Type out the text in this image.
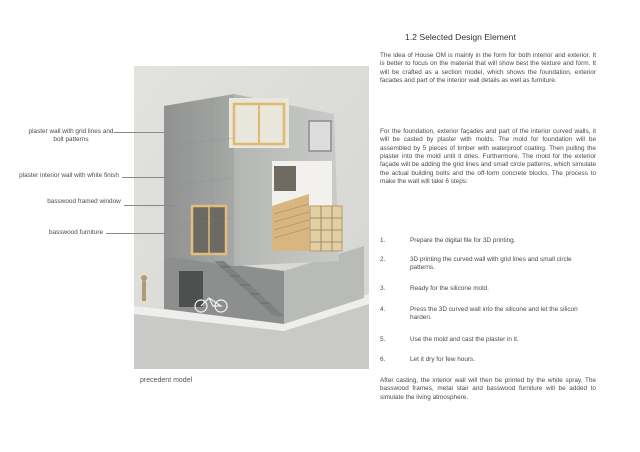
precedent model
plaster wall with grid lines and bolt patterns
plaster interior wall with white finish
basswood framed window
basswood furniture
1.2 Selected Design Element

The idea of House OM is mainly in the form for both interior and exterior. It is better to focus on the material that will show best the texture and form. It will be crafted as a section model, which shows the foundation, exterior facades and part of the interior wall details as well as furniture.

For the foundation, exterior façades and part of the interior curved walls, it will be casted by plaster with molds. The mold for foundation will be assembled by 5 pieces of timber with waterproof coating. Then pulling the plaster into the mold until it dries. Furthermore, The mold for the exterior façade will be adding the grid lines and small circle patterns, which simulate the actual building bolts and the off-form concrete blocks. The process to make the wall will take 6 steps:

1.	Prepare the digital file for 3D printing.
2.	3D printing the curved wall with grid lines and small circle patterns.
3.	Ready for the silicone mold.
4.	Press the 3D curved wall into the silicone and let the silicon harden.
5.	Use the mold and cast the plaster in it.
6.	Let it dry for few hours.

After casting, the interior wall will then be printed by the white spray. The basswood frames, metal stair and basswood furniture will be added to simulate the living atmosphere.
